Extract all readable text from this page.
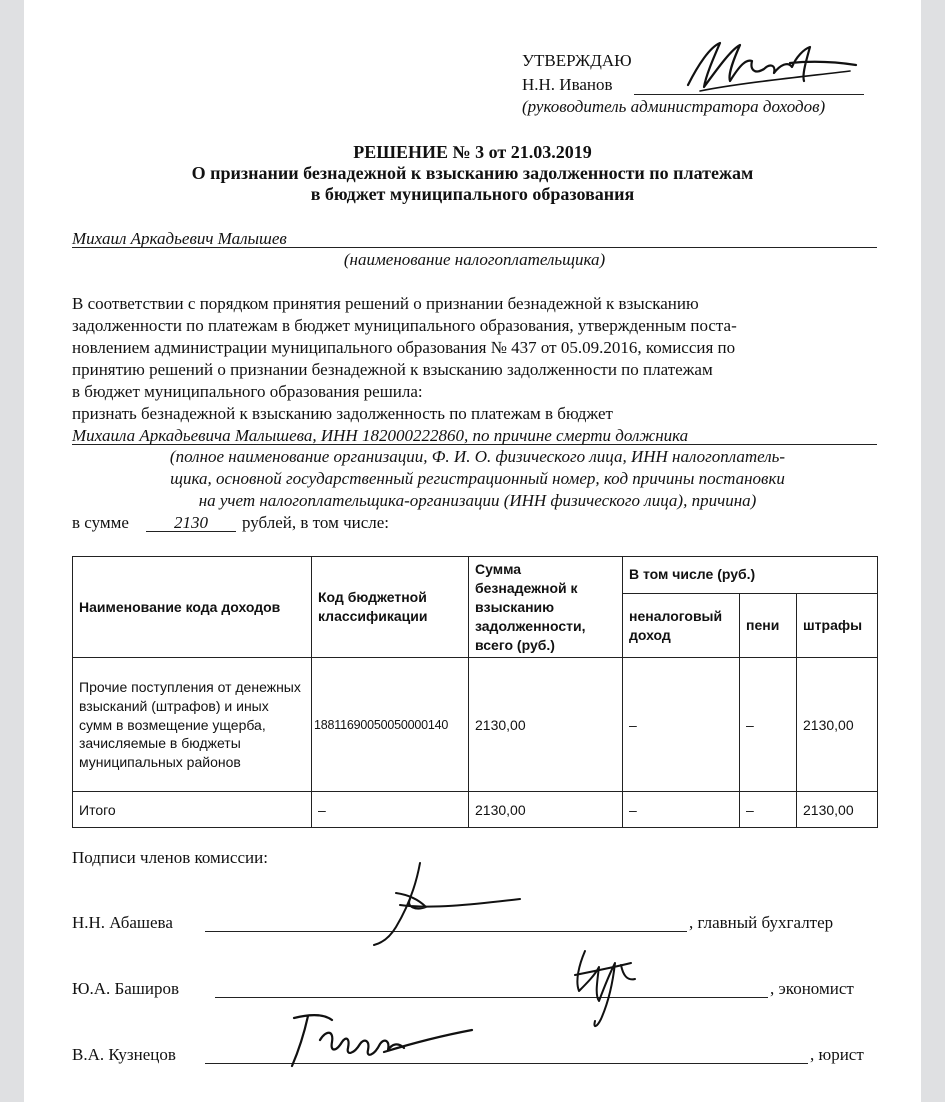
УТВЕРЖДАЮ
Н.Н. Иванов
(руководитель администратора доходов)
РЕШЕНИЕ № 3 от 21.03.2019
О признании безнадежной к взысканию задолженности по платежам
в бюджет муниципального образования
Михаил Аркадьевич Малышев
(наименование налогоплательщика)
В соответствии с порядком принятия решений о признании безнадежной к взысканию
задолженности по платежам в бюджет муниципального образования, утвержденным поста-
новлением администрации муниципального образования № 437 от 05.09.2016, комиссия по
принятию решений о признании безнадежной к взысканию задолженности по платежам
в бюджет муниципального образования решила:
признать безнадежной к взысканию задолженность по платежам в бюджет
Михаила Аркадьевича Малышева, ИНН 182000222860, по причине смерти должника
(полное наименование организации, Ф. И. О. физического лица, ИНН налогоплатель-
щика, основной государственный регистрационный номер, код причины постановки
на учет налогоплательщика-организации (ИНН физического лица), причина)
в сумме	2130	рублей, в том числе:
Наименование кода доходов	Код бюджетной классификации	Сумма безнадежной к взысканию задолженности, всего (руб.)	В том числе (руб.)		
			неналоговый доход	пени	штрафы
Прочие поступления от денежных взысканий (штрафов) и иных сумм в возмещение ущерба, зачисляемые в бюджеты муниципальных районов	18811690050050000140	2130,00	–	–	2130,00
Итого	–	2130,00	–	–	2130,00
Подписи членов комиссии:
Н.Н. Абашева	, главный бухгалтер
Ю.А. Баширов	, экономист
В.А. Кузнецов	, юрист
